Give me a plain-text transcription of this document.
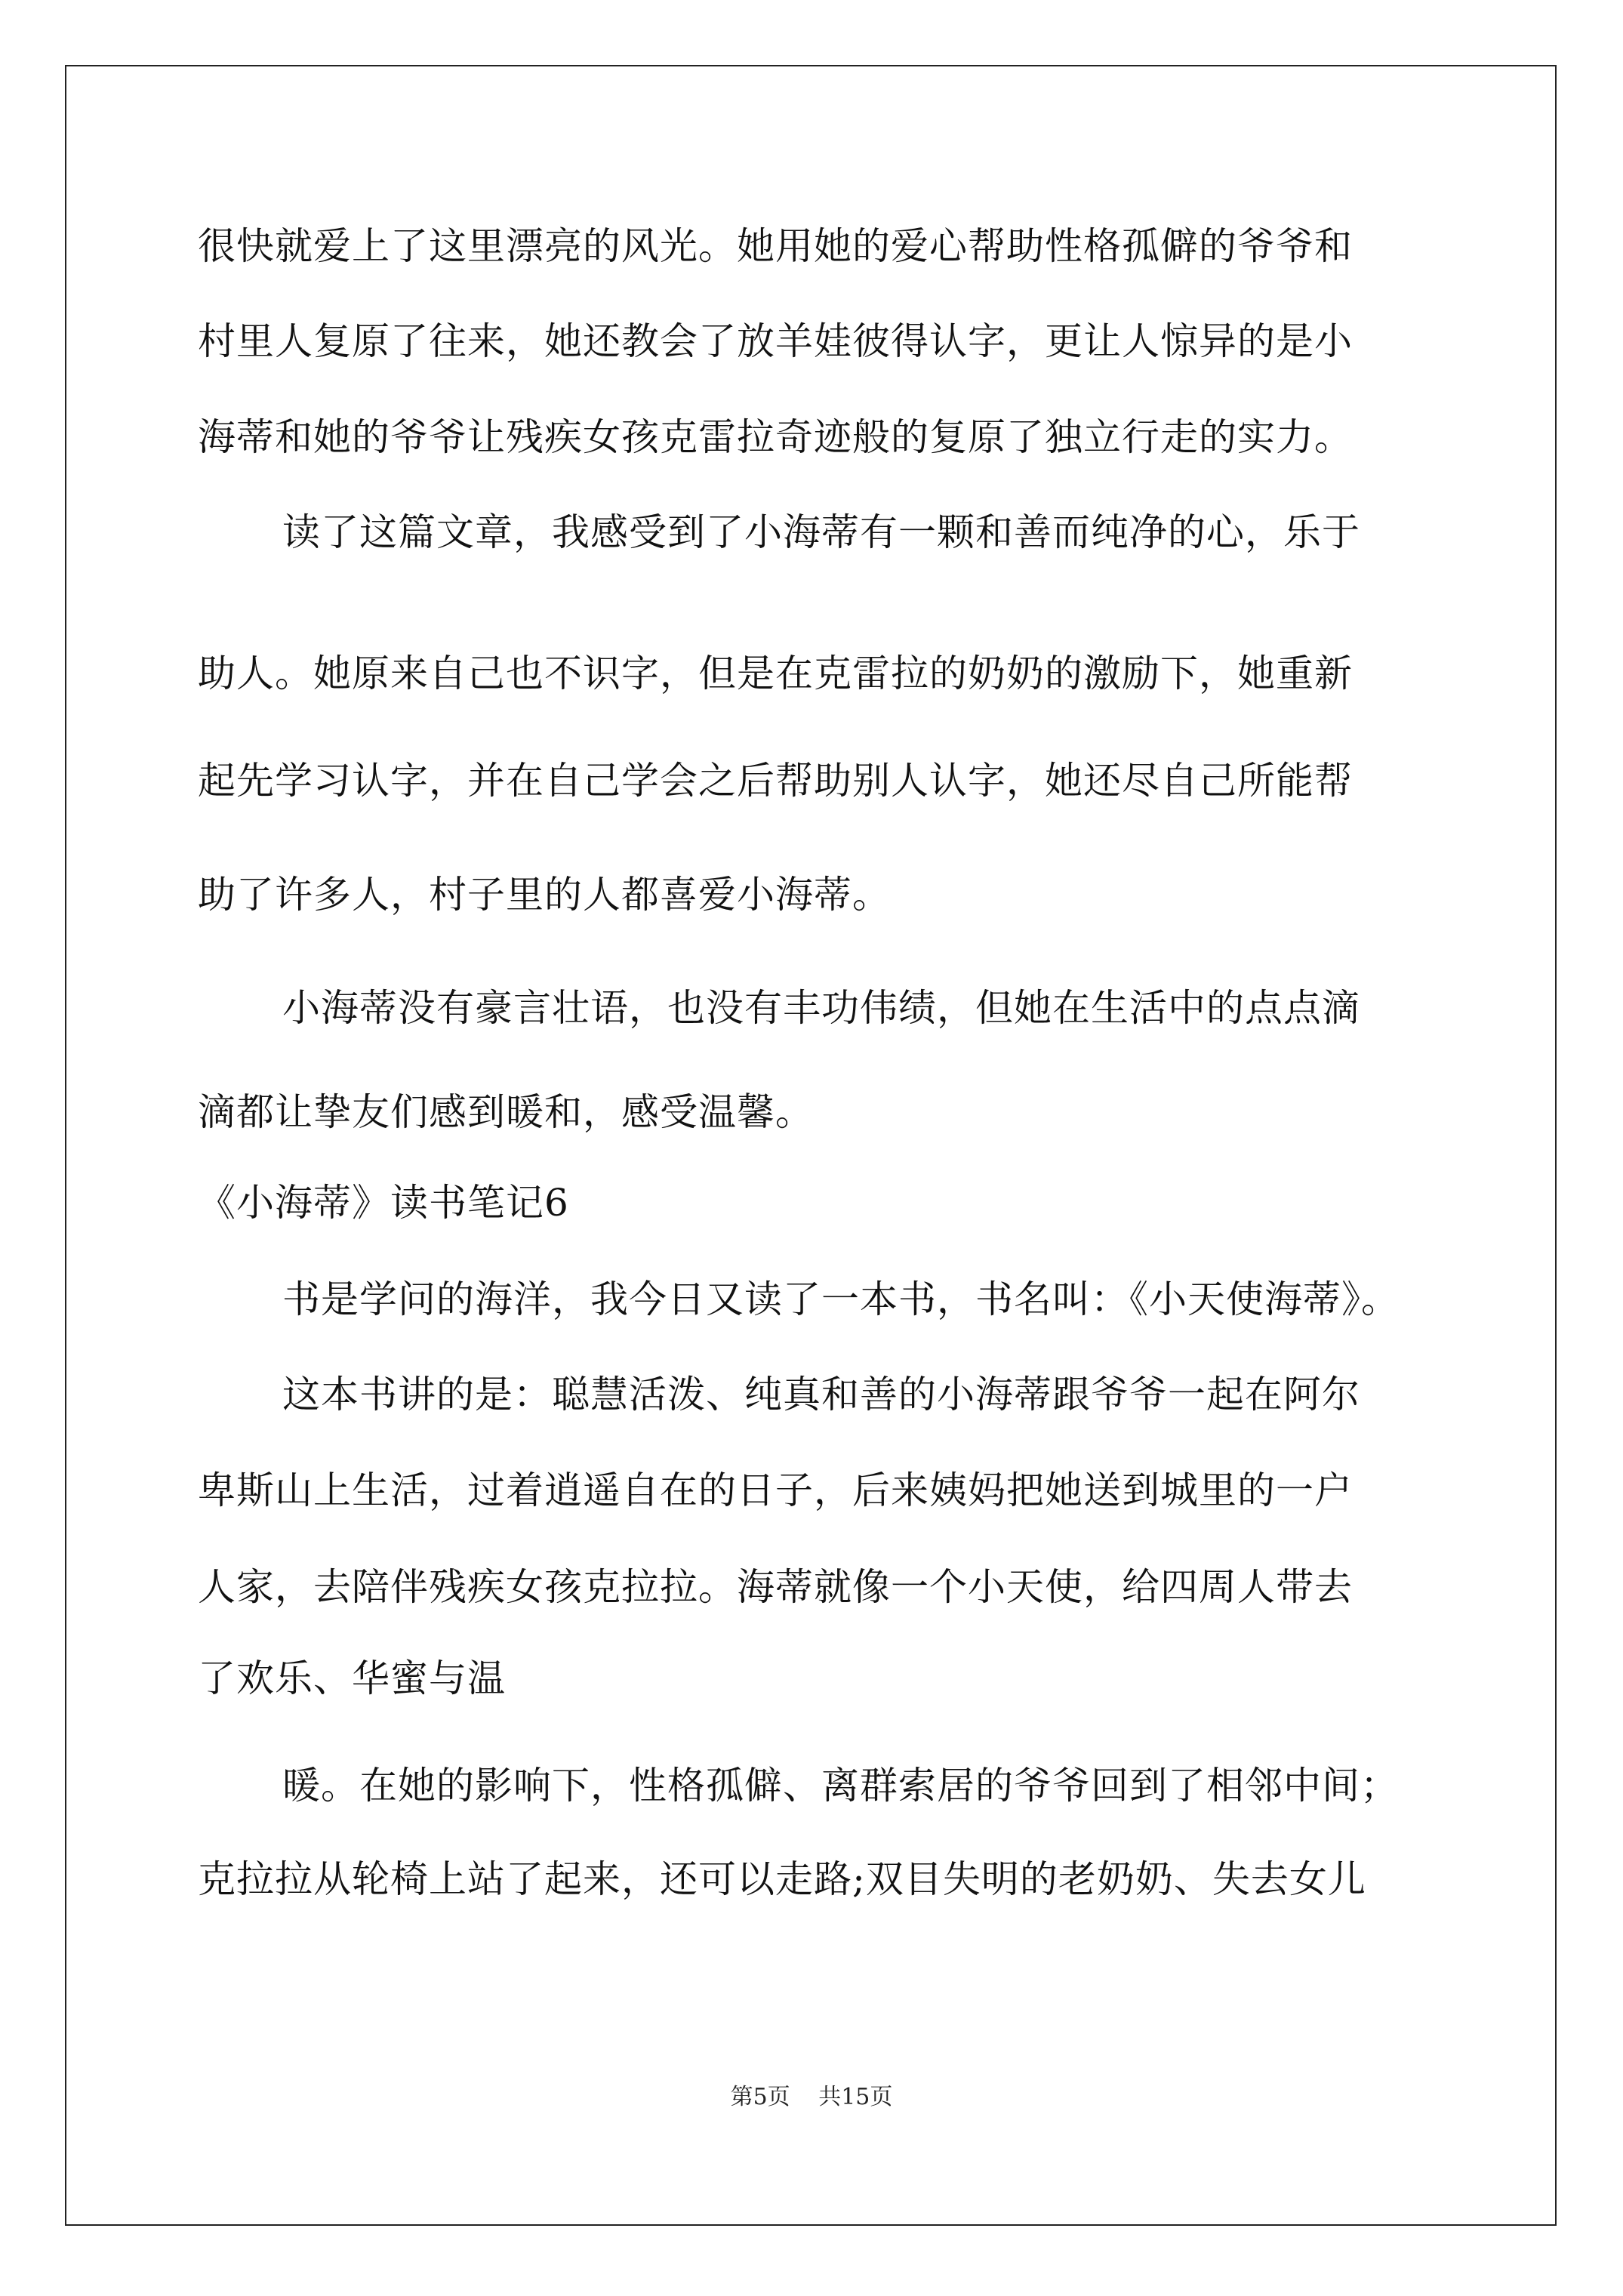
很快就爱上了这里漂亮的风光。她用她的爱心帮助性格孤僻的爷爷和
村里人复原了往来，她还教会了放羊娃彼得认字，更让人惊异的是小
海蒂和她的爷爷让残疾女孩克雷拉奇迹般的复原了独立行走的实力。
读了这篇文章，我感受到了小海蒂有一颗和善而纯净的心，乐于
助人。她原来自己也不识字，但是在克雷拉的奶奶的激励下，她重新
起先学习认字，并在自己学会之后帮助别人认字，她还尽自己所能帮
助了许多人，村子里的人都喜爱小海蒂。
小海蒂没有豪言壮语，也没有丰功伟绩，但她在生活中的点点滴
滴都让挚友们感到暖和，感受温馨。
《小海蒂》读书笔记6
书是学问的海洋，我今日又读了一本书，书名叫：《小天使海蒂》。
这本书讲的是：聪慧活泼、纯真和善的小海蒂跟爷爷一起在阿尔
卑斯山上生活，过着逍遥自在的日子，后来姨妈把她送到城里的一户
人家，去陪伴残疾女孩克拉拉。海蒂就像一个小天使，给四周人带去
了欢乐、华蜜与温
暖。在她的影响下，性格孤僻、离群索居的爷爷回到了相邻中间；
克拉拉从轮椅上站了起来，还可以走路;双目失明的老奶奶、失去女儿
第5页 共15页
